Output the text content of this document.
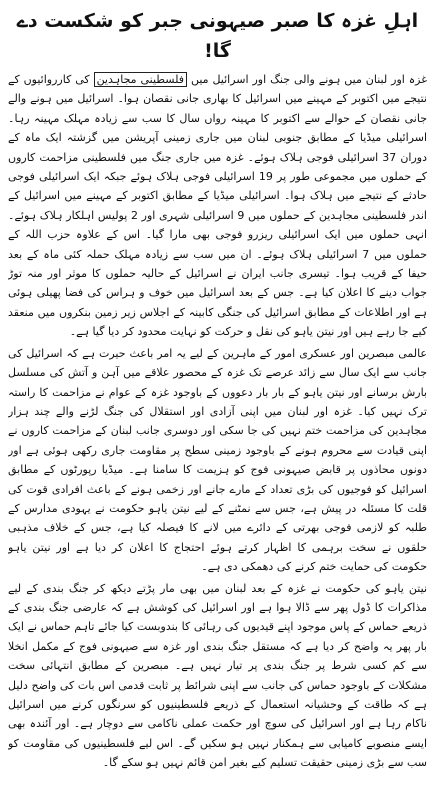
اہلِ غزہ کا صبر صیہونی جبر کو شکست دے گا!

غزہ اور لبنان میں ہونے والی جنگ اور اسرائیل میں فلسطینی مجاہدین کی کارروائیوں کے نتیجے میں اکتوبر کے مہینے میں اسرائیل کا بھاری جانی نقصان ہوا۔ اسرائیل میں ہونے والے جانی نقصان کے حوالے سے اکتوبر کا مہینہ رواں سال کا سب سے زیادہ مہلک مہینہ رہا۔ اسرائیلی میڈیا کے مطابق جنوبی لبنان میں جاری زمینی آپریشن میں گزشتہ ایک ماہ کے دوران 37 اسرائیلی فوجی ہلاک ہوئے۔ غزہ میں جاری جنگ میں فلسطینی مزاحمت کاروں کے حملوں میں مجموعی طور پر 19 اسرائیلی فوجی ہلاک ہوئے جبکہ ایک اسرائیلی فوجی حادثے کے نتیجے میں ہلاک ہوا۔ اسرائیلی میڈیا کے مطابق اکتوبر کے مہینے میں اسرائیل کے اندر فلسطینی مجاہدین کے حملوں میں 9 اسرائیلی شہری اور 2 پولیس اہلکار ہلاک ہوئے۔ انہی حملوں میں ایک اسرائیلی ریزرو فوجی بھی مارا گیا۔ اس کے علاوہ حزب اللہ کے حملوں میں 7 اسرائیلی ہلاک ہوئے۔ ان میں سب سے زیادہ مہلک حملہ کئی ماہ کے بعد حیفا کے قریب ہوا۔ تیسری جانب ایران نے اسرائیل کے حالیہ حملوں کا موثر اور منہ توڑ جواب دینے کا اعلان کیا ہے۔ جس کے بعد اسرائیل میں خوف و ہراس کی فضا پھیلی ہوئی ہے اور اطلاعات کے مطابق اسرائیل کی جنگی کابینہ کے اجلاس زیر زمین بنکروں میں منعقد کیے جا رہے ہیں اور نیتن یاہو کی نقل و حرکت کو نہایت محدود کر دیا گیا ہے۔

عالمی مبصرین اور عسکری امور کے ماہرین کے لیے یہ امر باعث حیرت ہے کہ اسرائیل کی جانب سے ایک سال سے زائد عرصے تک غزہ کے محصور علاقے میں آہن و آتش کی مسلسل بارش برسانے اور نیتن یاہو کے بار بار دعووں کے باوجود غزہ کے عوام نے مزاحمت کا راستہ ترک نہیں کیا۔ غزہ اور لبنان میں اپنی آزادی اور استقلال کی جنگ لڑنے والے چند ہزار مجاہدین کی مزاحمت ختم نہیں کی جا سکی اور دوسری جانب لبنان کے مزاحمت کاروں نے اپنی قیادت سے محروم ہونے کے باوجود زمینی سطح پر مقاومت جاری رکھی ہوئی ہے اور دونوں محاذوں پر قابض صیہونی فوج کو ہزیمت کا سامنا ہے۔ میڈیا رپورٹوں کے مطابق اسرائیل کو فوجیوں کی بڑی تعداد کے مارے جانے اور زخمی ہونے کے باعث افرادی قوت کی قلت کا مسئلہ در پیش ہے، جس سے نمٹنے کے لیے نیتن یاہو حکومت نے یہودی مدارس کے طلبہ کو لازمی فوجی بھرتی کے دائرے میں لانے کا فیصلہ کیا ہے، جس کے خلاف مذہبی حلقوں نے سخت برہمی کا اظہار کرتے ہوئے احتجاج کا اعلان کر دیا ہے اور نیتن یاہو حکومت کی حمایت ختم کرنے کی دھمکی دی ہے۔

نیتن یاہو کی حکومت نے غزہ کے بعد لبنان میں بھی مار پڑتے دیکھ کر جنگ بندی کے لیے مذاکرات کا ڈول پھر سے ڈالا ہوا ہے اور اسرائیل کی کوشش ہے کہ عارضی جنگ بندی کے ذریعے حماس کے پاس موجود اپنے قیدیوں کی رہائی کا بندوبست کیا جائے تاہم حماس نے ایک بار پھر یہ واضح کر دیا ہے کہ مستقل جنگ بندی اور غزہ سے صیہونی فوج کے مکمل انخلا سے کم کسی شرط پر جنگ بندی پر تیار نہیں ہے۔ مبصرین کے مطابق انتہائی سخت مشکلات کے باوجود حماس کی جانب سے اپنی شرائط پر ثابت قدمی اس بات کی واضح دلیل ہے کہ طاقت کے وحشیانہ استعمال کے ذریعے فلسطینیوں کو سرنگوں کرنے میں اسرائیل ناکام رہا ہے اور اسرائیل کی سوچ اور حکمت عملی ناکامی سے دوچار ہے۔ اور آئندہ بھی ایسے منصوبے کامیابی سے ہمکنار نہیں ہو سکیں گے۔ اس لیے فلسطینیوں کی مقاومت کو سب سے بڑی زمینی حقیقت تسلیم کیے بغیر امن قائم نہیں ہو سکے گا۔
